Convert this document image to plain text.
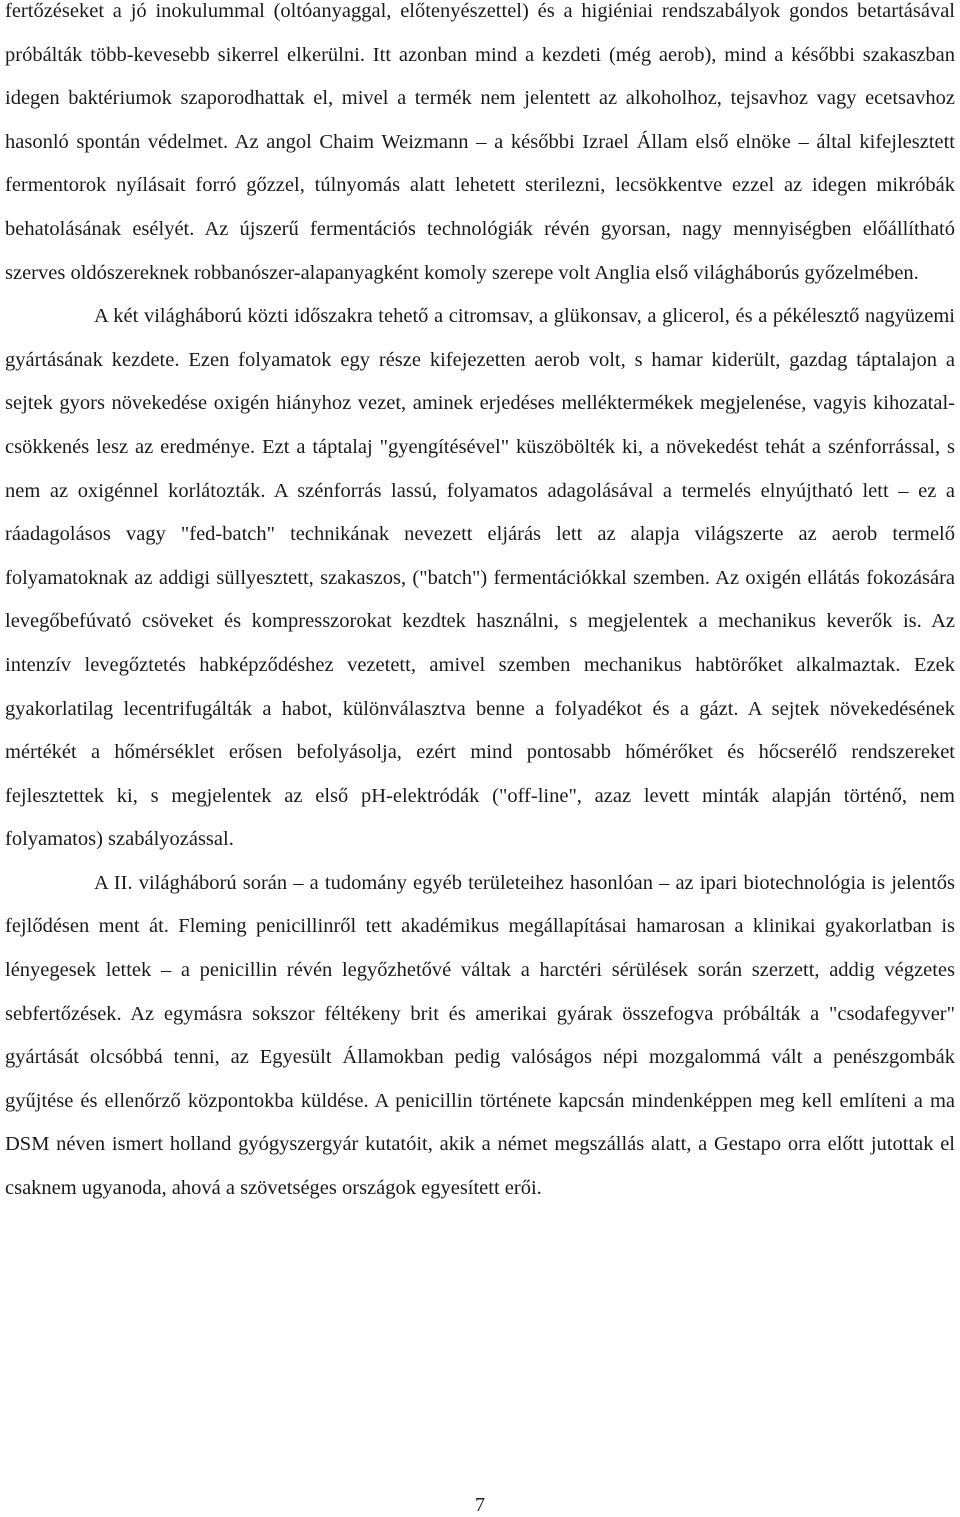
fertőzéseket a jó inokulummal (oltóanyaggal, előtenyészettel) és a higiéniai rendszabályok gondos betartásával próbálták több-kevesebb sikerrel elkerülni. Itt azonban mind a kezdeti (még aerob), mind a későbbi szakaszban idegen baktériumok szaporodhattak el, mivel a termék nem jelentett az alkoholhoz, tejsavhoz vagy ecetsavhoz hasonló spontán védelmet. Az angol Chaim Weizmann – a későbbi Izrael Állam első elnöke – által kifejlesztett fermentorok nyílásait forró gőzzel, túlnyomás alatt lehetett sterilezni, lecsökkentve ezzel az idegen mikróbák behatolásának esélyét. Az újszerű fermentációs technológiák révén gyorsan, nagy mennyiségben előállítható szerves oldószereknek robbanószer-alapanyagként komoly szerepe volt Anglia első világháborús győzelmében.

A két világháború közti időszakra tehető a citromsav, a glükonsav, a glicerol, és a pékélesztő nagyüzemi gyártásának kezdete. Ezen folyamatok egy része kifejezetten aerob volt, s hamar kiderült, gazdag táptalajon a sejtek gyors növekedése oxigén hiányhoz vezet, aminek erjedéses melléktermékek megjelenése, vagyis kihozatal-csökkenés lesz az eredménye. Ezt a táptalaj "gyengítésével" küszöbölték ki, a növekedést tehát a szénforrással, s nem az oxigénnel korlátozták. A szénforrás lassú, folyamatos adagolásával a termelés elnyújtható lett – ez a ráadagolásos vagy "fed-batch" technikának nevezett eljárás lett az alapja világszerte az aerob termelő folyamatoknak az addigi süllyesztett, szakaszos, ("batch") fermentációkkal szemben. Az oxigén ellátás fokozására levegőbefúvató csöveket és kompresszorokat kezdtek használni, s megjelentek a mechanikus keverők is. Az intenzív levegőztetés habképződéshez vezetett, amivel szemben mechanikus habtörőket alkalmaztak. Ezek gyakorlatilag lecentrifugálták a habot, különválasztva benne a folyadékot és a gázt. A sejtek növekedésének mértékét a hőmérséklet erősen befolyásolja, ezért mind pontosabb hőmérőket és hőcserélő rendszereket fejlesztettek ki, s megjelentek az első pH-elektródák ("off-line", azaz levett minták alapján történő, nem folyamatos) szabályozással.

A II. világháború során – a tudomány egyéb területeihez hasonlóan – az ipari biotechnológia is jelentős fejlődésen ment át. Fleming penicillinről tett akadémikus megállapításai hamarosan a klinikai gyakorlatban is lényegesek lettek – a penicillin révén legyőzhetővé váltak a harctéri sérülések során szerzett, addig végzetes sebfertőzések. Az egymásra sokszor féltékeny brit és amerikai gyárak összefogva próbálták a "csodafegyver" gyártását olcsóbbá tenni, az Egyesült Államokban pedig valóságos népi mozgalommá vált a penészgombák gyűjtése és ellenőrző központokba küldése. A penicillin története kapcsán mindenképpen meg kell említeni a ma DSM néven ismert holland gyógyszergyár kutatóit, akik a német megszállás alatt, a Gestapo orra előtt jutottak el csaknem ugyanoda, ahová a szövetséges országok egyesített erői.

7
